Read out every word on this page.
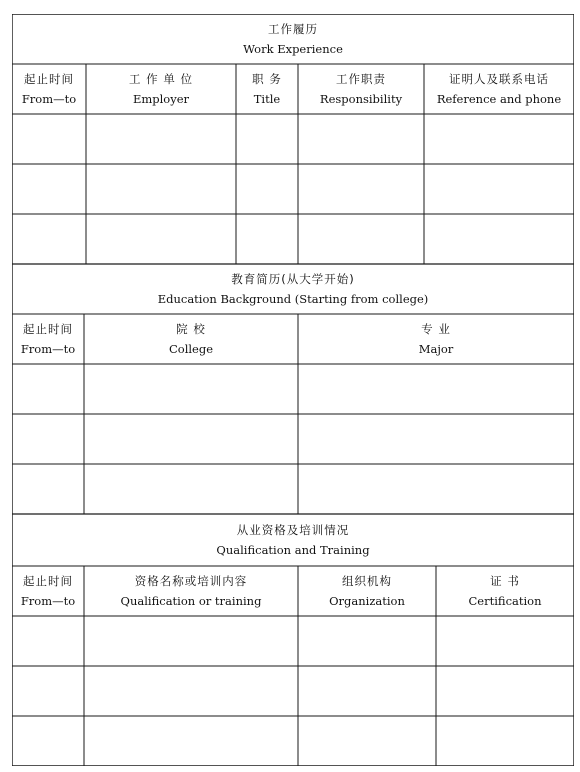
工作履历
Work Experience
起止时间
From—to
工 作 单 位
Employer
职 务
Title
工作职责
Responsibility
证明人及联系电话
Reference and phone
教育简历(从大学开始)
Education Background (Starting from college)
起止时间
From—to
院 校
College
专 业
Major
从业资格及培训情况
Qualification and Training
起止时间
From—to
资格名称或培训内容
Qualification or training
组织机构
Organization
证 书
Certification
